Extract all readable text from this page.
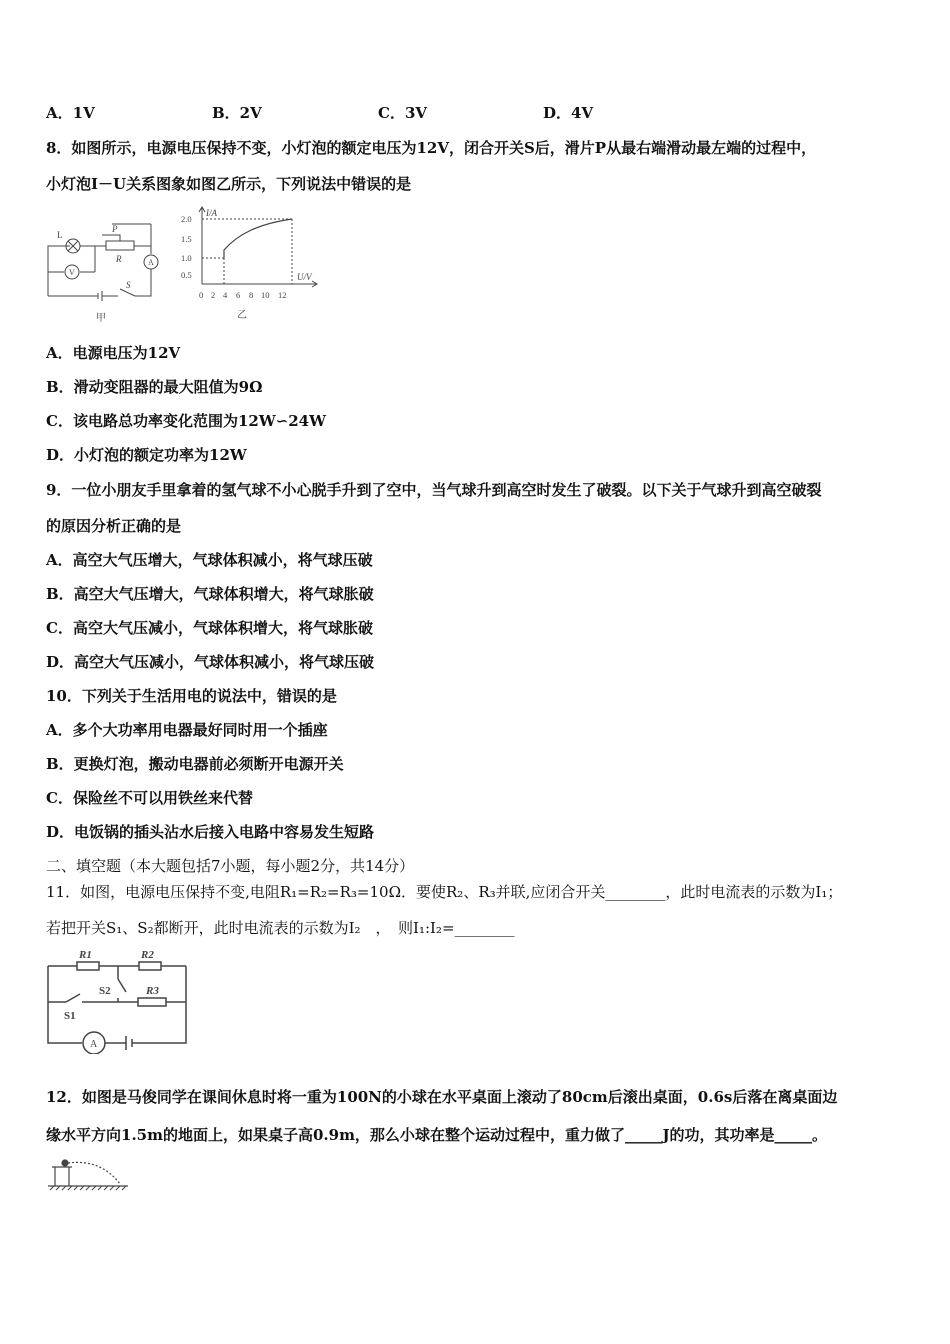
A．1V	B．2V	C．3V	D．4V
8．如图所示，电源电压保持不变，小灯泡的额定电压为12V，闭合开关S后，滑片P从最右端滑动最左端的过程中，
小灯泡I－U关系图象如图乙所示，下列说法中错误的是
L
P
R
V
A
S
甲
I/A
U/V
2.0
1.5
1.0
0.5
0 2 4 6 8 10 12
乙
A．电源电压为12V
B．滑动变阻器的最大阻值为9Ω
C．该电路总功率变化范围为12W∽24W
D．小灯泡的额定功率为12W
9．一位小朋友手里拿着的氢气球不小心脱手升到了空中，当气球升到高空时发生了破裂。以下关于气球升到高空破裂
的原因分析正确的是
A．高空大气压增大，气球体积减小，将气球压破
B．高空大气压增大，气球体积增大，将气球胀破
C．高空大气压减小，气球体积增大，将气球胀破
D．高空大气压减小，气球体积减小，将气球压破
10．下列关于生活用电的说法中，错误的是
A．多个大功率用电器最好同时用一个插座
B．更换灯泡，搬动电器前必须断开电源开关
C．保险丝不可以用铁丝来代替
D．电饭锅的插头沾水后接入电路中容易发生短路
二、填空题（本大题包括7小题，每小题2分，共14分）
11．如图，电源电压保持不变,电阻R₁=R₂=R₃=10Ω．要使R₂、R₃并联,应闭合开关________，此时电流表的示数为I₁；
若把开关S₁、S₂都断开，此时电流表的示数为I₂　，　则I₁:I₂=________
R1	R2
S2	R3
S1
A
12．如图是马俊同学在课间休息时将一重为100N的小球在水平桌面上滚动了80cm后滚出桌面，0.6s后落在离桌面边
缘水平方向1.5m的地面上，如果桌子高0.9m，那么小球在整个运动过程中，重力做了_____J的功，其功率是_____。
